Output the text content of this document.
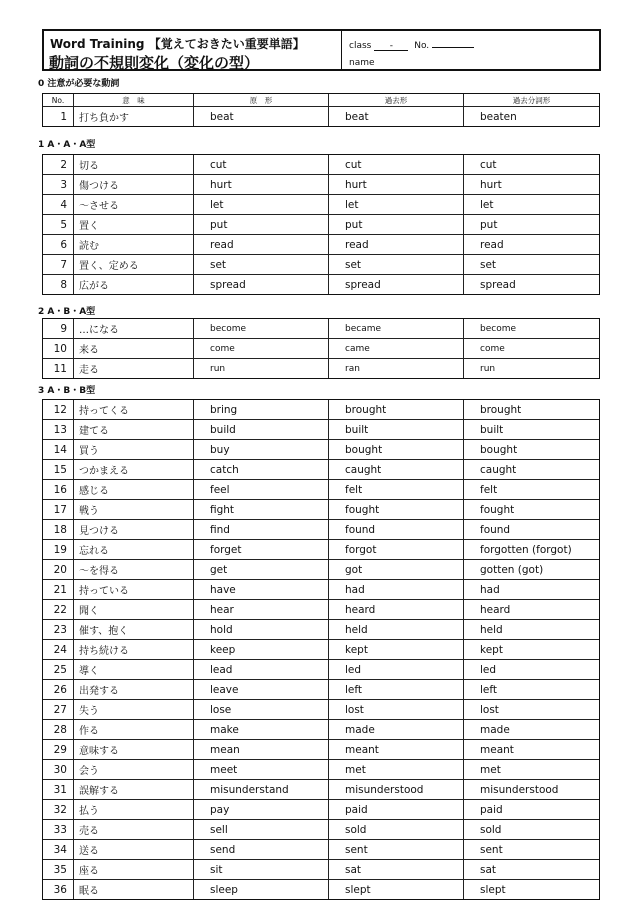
Word Training 【覚えておきたい重要単語】
動詞の不規則変化（変化の型）
class - No.
name
0 注意が必要な動詞
No.	意　味	原　形	過去形	過去分詞形
1	打ち負かす	beat	beat	beaten
1 A・A・A型
2	切る	cut	cut	cut
3	傷つける	hurt	hurt	hurt
4	～させる	let	let	let
5	置く	put	put	put
6	読む	read	read	read
7	置く、定める	set	set	set
8	広がる	spread	spread	spread
2 A・B・A型
9	…になる	become	became	become
10	来る	come	came	come
11	走る	run	ran	run
3 A・B・B型
12	持ってくる	bring	brought	brought
13	建てる	build	built	built
14	買う	buy	bought	bought
15	つかまえる	catch	caught	caught
16	感じる	feel	felt	felt
17	戦う	fight	fought	fought
18	見つける	find	found	found
19	忘れる	forget	forgot	forgotten (forgot)
20	～を得る	get	got	gotten (got)
21	持っている	have	had	had
22	聞く	hear	heard	heard
23	催す、抱く	hold	held	held
24	持ち続ける	keep	kept	kept
25	導く	lead	led	led
26	出発する	leave	left	left
27	失う	lose	lost	lost
28	作る	make	made	made
29	意味する	mean	meant	meant
30	会う	meet	met	met
31	誤解する	misunderstand	misunderstood	misunderstood
32	払う	pay	paid	paid
33	売る	sell	sold	sold
34	送る	send	sent	sent
35	座る	sit	sat	sat
36	眠る	sleep	slept	slept
